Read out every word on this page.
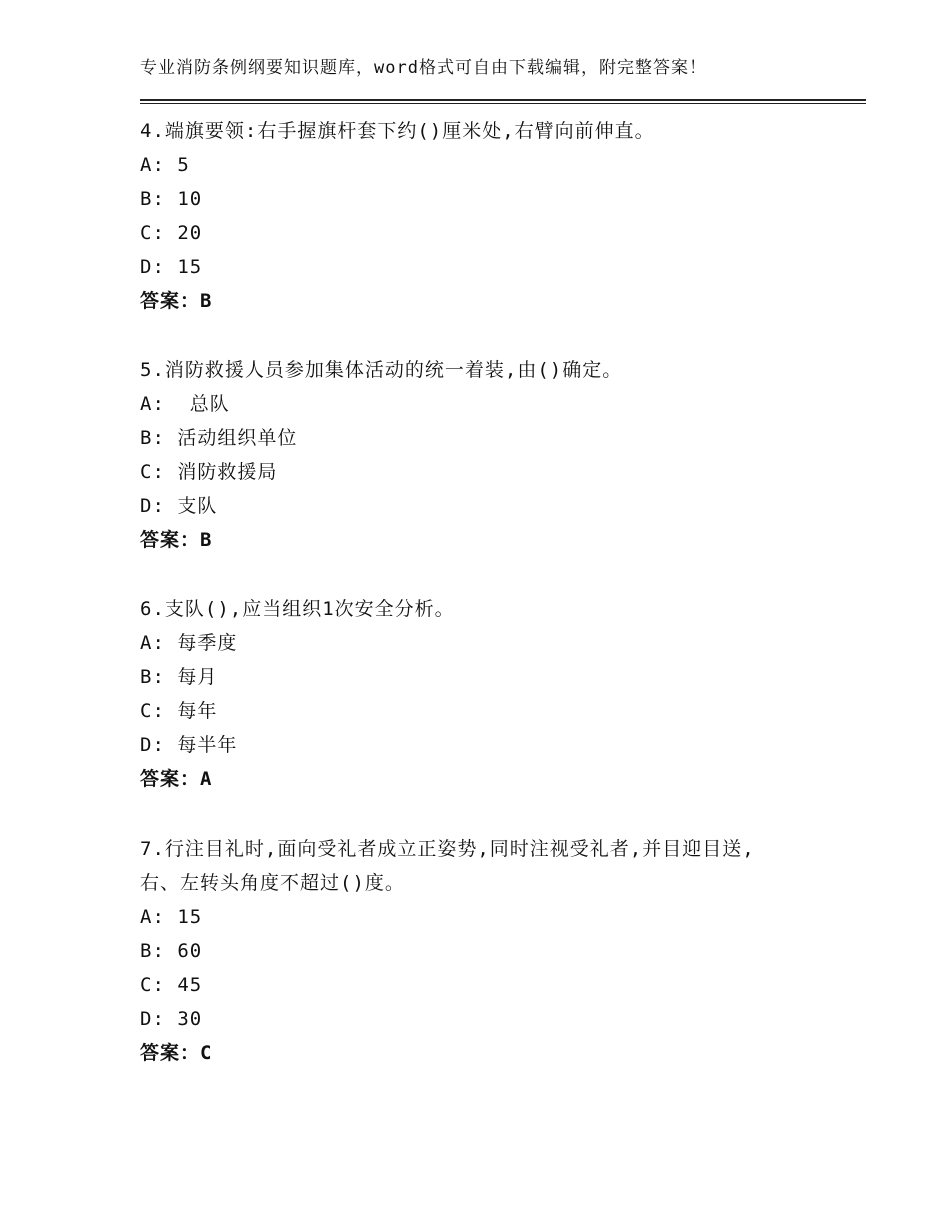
专业消防条例纲要知识题库，word格式可自由下载编辑，附完整答案！
4.端旗要领:右手握旗杆套下约()厘米处,右臂向前伸直。
A: 5
B: 10
C: 20
D: 15
答案：B
5.消防救援人员参加集体活动的统一着装,由()确定。
A:  总队
B: 活动组织单位
C: 消防救援局
D: 支队
答案：B
6.支队(),应当组织1次安全分析。
A: 每季度
B: 每月
C: 每年
D: 每半年
答案：A
7.行注目礼时,面向受礼者成立正姿势,同时注视受礼者,并目迎目送,
右、左转头角度不超过()度。
A: 15
B: 60
C: 45
D: 30
答案：C
